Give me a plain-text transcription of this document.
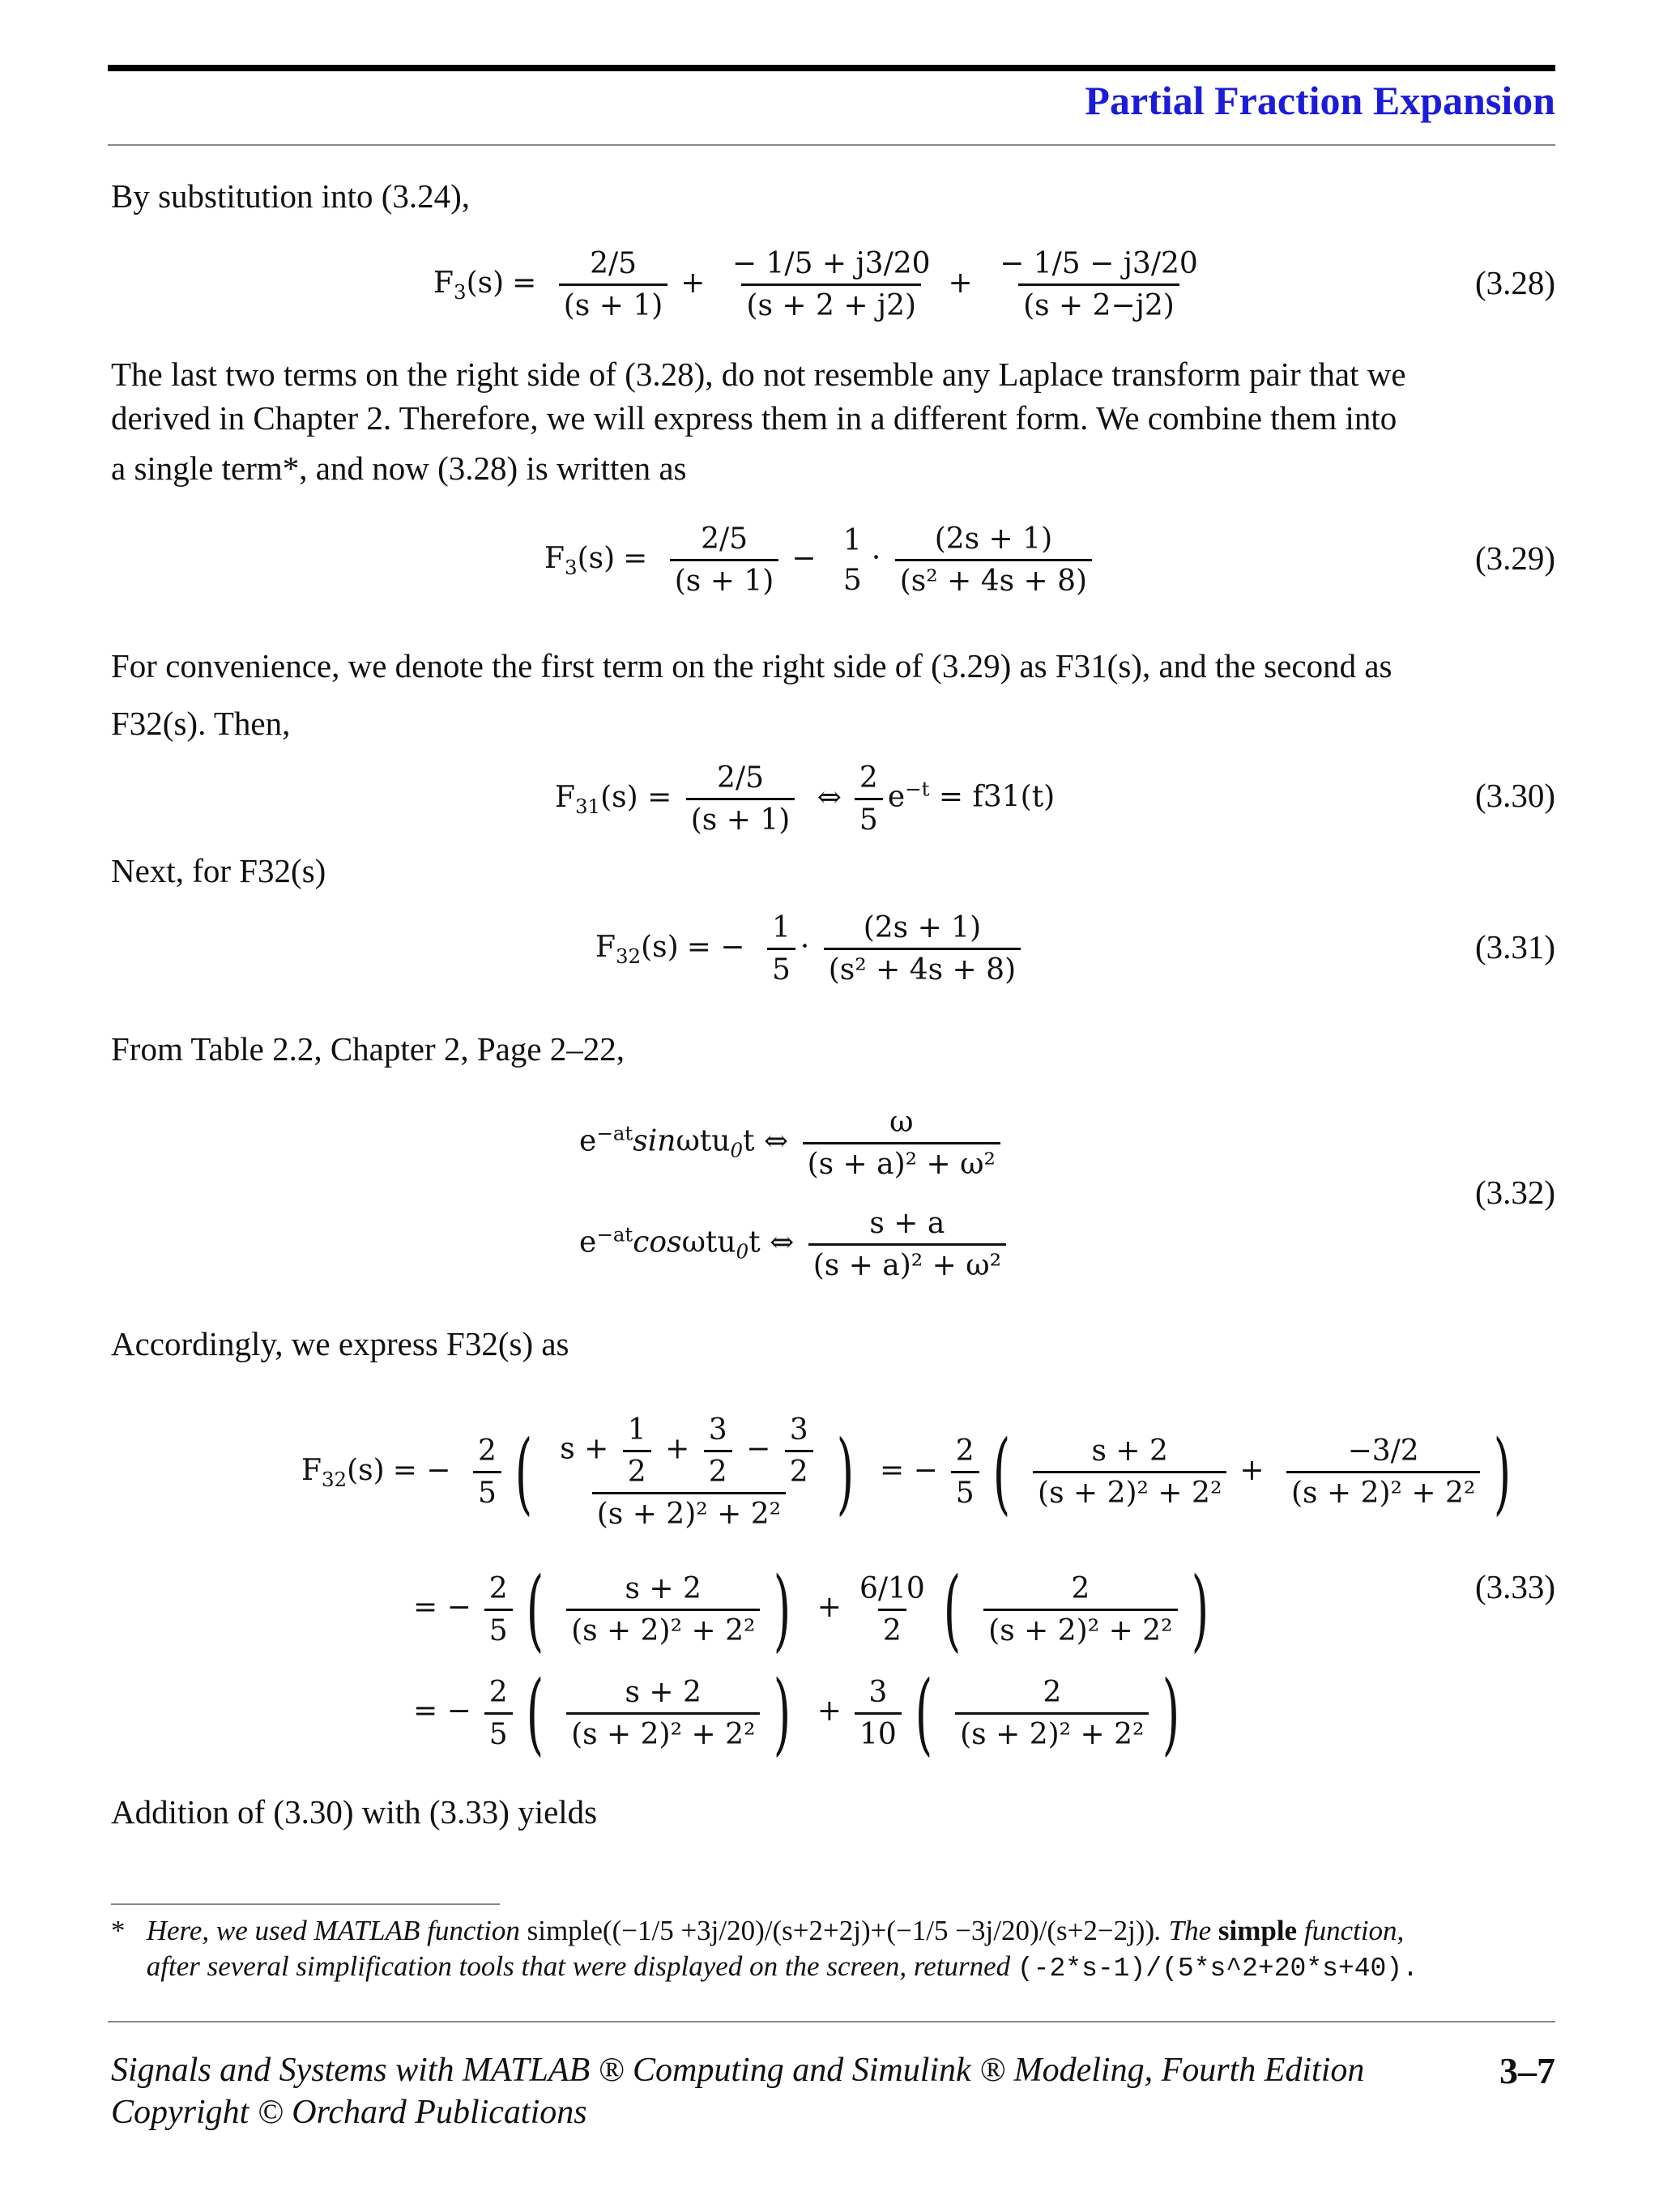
Partial Fraction Expansion
By substitution into (3.24),
$F_3(s) = \frac{2/5}{(s + 1)} + \frac{- 1/5 + j3/20}{(s + 2 + j2)} + \frac{- 1/5 - j3/20}{(s + 2-j2)}$	(3.28)
The last two terms on the right side of (3.28), do not resemble any Laplace transform pair that we
derived in Chapter 2. Therefore, we will express them in a different form. We combine them into
a single term*, and now (3.28) is written as
$F_3(s) = \frac{2/5}{(s + 1)}$ −
1
5
· $\frac{(2s + 1)}{\text{(s² + 4s + 8)}}$	(3.29)
For convenience, we denote the first term on the right side of (3.29) as F31(s), and the second as
F32(s). Then,
$F_{31}(s) = \frac{2/5}{(s + 1)}$ ⇔ $\frac{2}{5} e^{-t} = f31(t)$	(3.30)
Next, for F32(s)
$F_{32}(s)$ = − $\frac{1}{5} \cdot \frac{(2s + 1)}{\text{(s² + 4s + 8)}}$	(3.31)
From Table 2.2, Chapter 2, Page 2–22,
$e^{-at}\sin\omega tu_0t$ ⇔ $\frac{\omega}{\text{(s + a)² + ω²}}$
$e^{-at}\cos\omega tu_0t$ ⇔ $\frac{s + a}{\text{(s + a)² + ω²}}$
(3.32)
Accordingly, we express F32(s) as
$F_{32}(s)$ = − $\frac{2}{5}$ ( $\frac{s + \frac{1}{2} + \frac{3}{2} - \frac{3}{2}}{\text{(s + 2)² + 2²}}$ ) = − $\frac{2}{5}$ ( $\frac{s + 2}{\text{(s + 2)² + 2²}} + \frac{-3/2}{\text{(s + 2)² + 2²}}$ )
= − $\frac{2}{5}$ ( $\frac{s + 2}{\text{(s + 2)² + 2²}}$ ) + $\frac{6/10}{2}$ ( $\frac{2}{\text{(s + 2)² + 2²}}$ )	(3.33)
= − $\frac{2}{5}$ ( $\frac{s + 2}{\text{(s + 2)² + 2²}}$ ) + $\frac{3}{10}$ ( $\frac{2}{\text{(s + 2)² + 2²}}$ )
Addition of (3.30) with (3.33) yields
* Here, we used MATLAB function simple((−1/5 +3j/20)/(s+2+2j)+(−1/5 −3j/20)/(s+2−2j)). The simple function,
after several simplification tools that were displayed on the screen, returned (-2*s-1)/(5*s^2+20*s+40).
Signals and Systems with MATLAB ® Computing and Simulink ® Modeling, Fourth Edition
Copyright © Orchard Publications
3–7
